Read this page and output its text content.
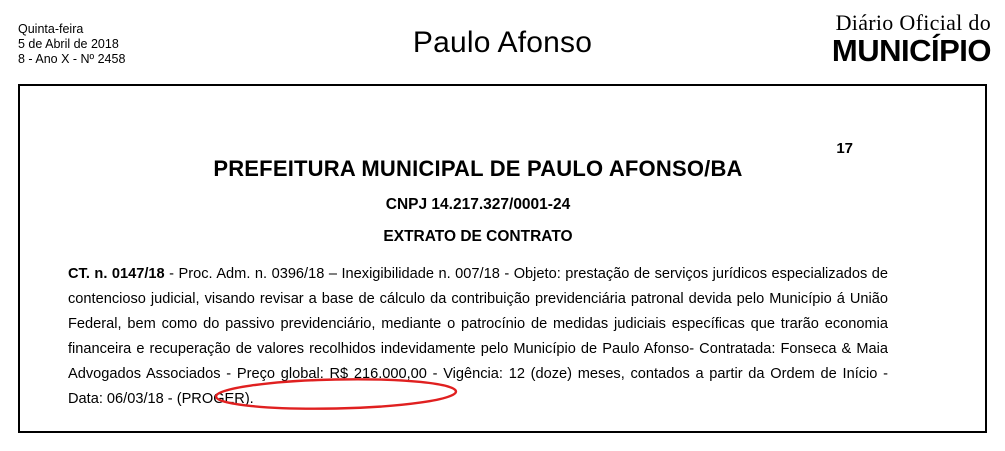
Quinta-feira
5 de Abril de 2018
8 - Ano X - Nº 2458	Paulo Afonso
Diário Oficial do
MUNICÍPIO
17
PREFEITURA MUNICIPAL DE PAULO AFONSO/BA
CNPJ 14.217.327/0001-24
EXTRATO DE CONTRATO

CT. n. 0147/18 - Proc. Adm. n. 0396/18 – Inexigibilidade n. 007/18 - Objeto: prestação de serviços jurídicos especializados de contencioso judicial, visando revisar a base de cálculo da contribuição previdenciária patronal devida pelo Município á União Federal, bem como do passivo previdenciário, mediante o patrocínio de medidas judiciais específicas que trarão economia financeira e recuperação de valores recolhidos indevidamente pelo Município de Paulo Afonso- Contratada: Fonseca & Maia Advogados Associados - Preço global: R$ 216.000,00 - Vigência: 12 (doze) meses, contados a partir da Ordem de Início - Data: 06/03/18 - (PROGER).
